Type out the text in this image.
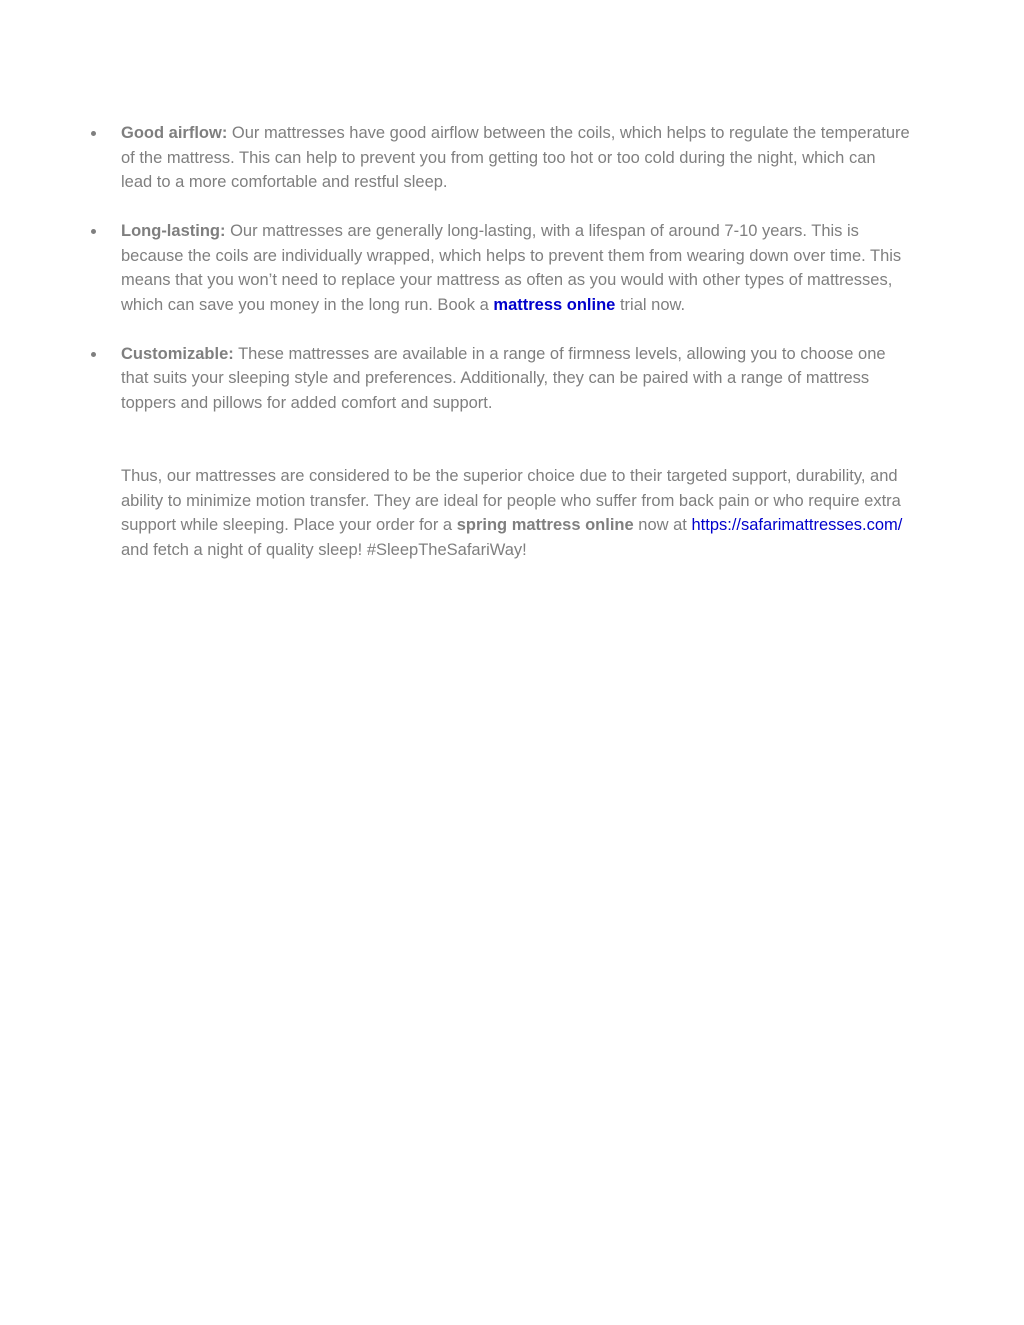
Good airflow: Our mattresses have good airflow between the coils, which helps to regulate the temperature of the mattress. This can help to prevent you from getting too hot or too cold during the night, which can lead to a more comfortable and restful sleep.
Long-lasting: Our mattresses are generally long-lasting, with a lifespan of around 7-10 years. This is because the coils are individually wrapped, which helps to prevent them from wearing down over time. This means that you won’t need to replace your mattress as often as you would with other types of mattresses, which can save you money in the long run. Book a mattress online trial now.
Customizable: These mattresses are available in a range of firmness levels, allowing you to choose one that suits your sleeping style and preferences. Additionally, they can be paired with a range of mattress toppers and pillows for added comfort and support.

Thus, our mattresses are considered to be the superior choice due to their targeted support, durability, and ability to minimize motion transfer. They are ideal for people who suffer from back pain or who require extra support while sleeping. Place your order for a spring mattress online now at https://safarimattresses.com/ and fetch a night of quality sleep! #SleepTheSafariWay!
